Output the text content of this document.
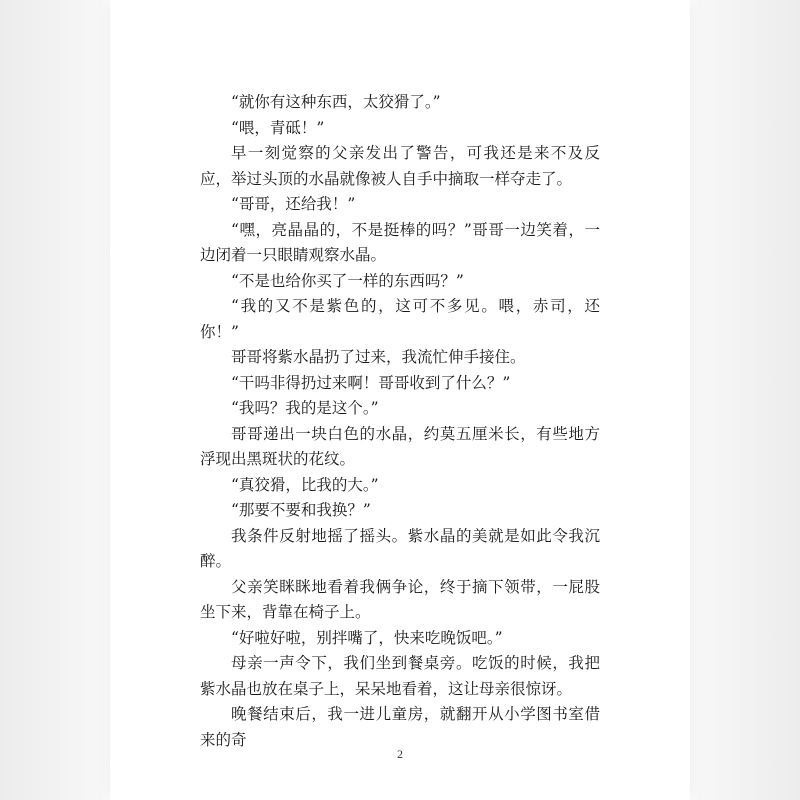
“就你有这种东西，太狡猾了。”

“喂，青砥！”

早一刻觉察的父亲发出了警告，可我还是来不及反应，举过头顶的水晶就像被人自手中摘取一样夺走了。

“哥哥，还给我！”

“嘿，亮晶晶的，不是挺棒的吗？”哥哥一边笑着，一边闭着一只眼睛观察水晶。

“不是也给你买了一样的东西吗？”

“我的又不是紫色的，这可不多见。喂，赤司，还你！”

哥哥将紫水晶扔了过来，我流忙伸手接住。

“干吗非得扔过来啊！哥哥收到了什么？”

“我吗？我的是这个。”

哥哥递出一块白色的水晶，约莫五厘米长，有些地方浮现出黑斑状的花纹。

“真狡猾，比我的大。”

“那要不要和我换？”

我条件反射地摇了摇头。紫水晶的美就是如此令我沉醉。

父亲笑眯眯地看着我俩争论，终于摘下领带，一屁股坐下来，背靠在椅子上。

“好啦好啦，别拌嘴了，快来吃晚饭吧。”

母亲一声令下，我们坐到餐桌旁。吃饭的时候，我把紫水晶也放在桌子上，呆呆地看着，这让母亲很惊讶。

晚餐结束后，我一进儿童房，就翻开从小学图书室借来的奇

2
